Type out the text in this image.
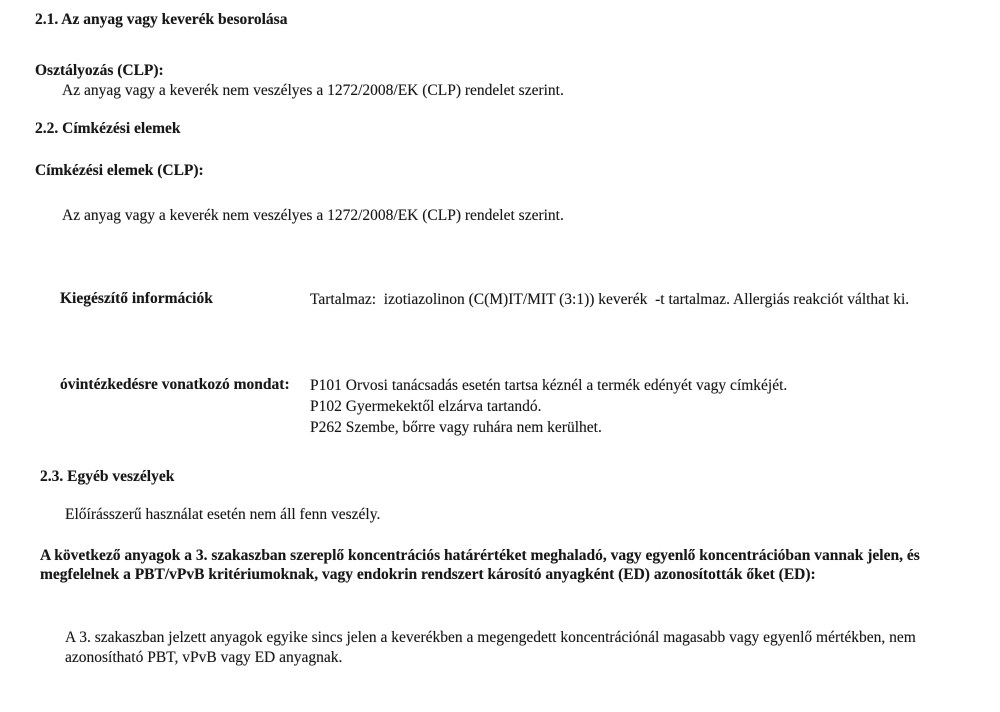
2.1. Az anyag vagy keverék besorolása
Osztályozás (CLP):
Az anyag vagy a keverék nem veszélyes a 1272/2008/EK (CLP) rendelet szerint.
2.2. Címkézési elemek
Címkézési elemek (CLP):
Az anyag vagy a keverék nem veszélyes a 1272/2008/EK (CLP) rendelet szerint.
Kiegészítő információk	Tartalmaz:  izotiazolinon (C(M)IT/MIT (3:1)) keverék  -t tartalmaz. Allergiás reakciót válthat ki.
óvintézkedésre vonatkozó mondat:	P101 Orvosi tanácsadás esetén tartsa kéznél a termék edényét vagy címkéjét.
P102 Gyermekektől elzárva tartandó.
P262 Szembe, bőrre vagy ruhára nem kerülhet.
2.3. Egyéb veszélyek
Előírásszerű használat esetén nem áll fenn veszély.
A következő anyagok a 3. szakaszban szereplő koncentrációs határértéket meghaladó, vagy egyenlő koncentrációban vannak jelen, és megfelelnek a PBT/vPvB kritériumoknak, vagy endokrin rendszert károsító anyagként (ED) azonosították őket (ED):
A 3. szakaszban jelzett anyagok egyike sincs jelen a keverékben a megengedett koncentrációnál magasabb vagy egyenlő mértékben, nem azonosítható PBT, vPvB vagy ED anyagnak.
